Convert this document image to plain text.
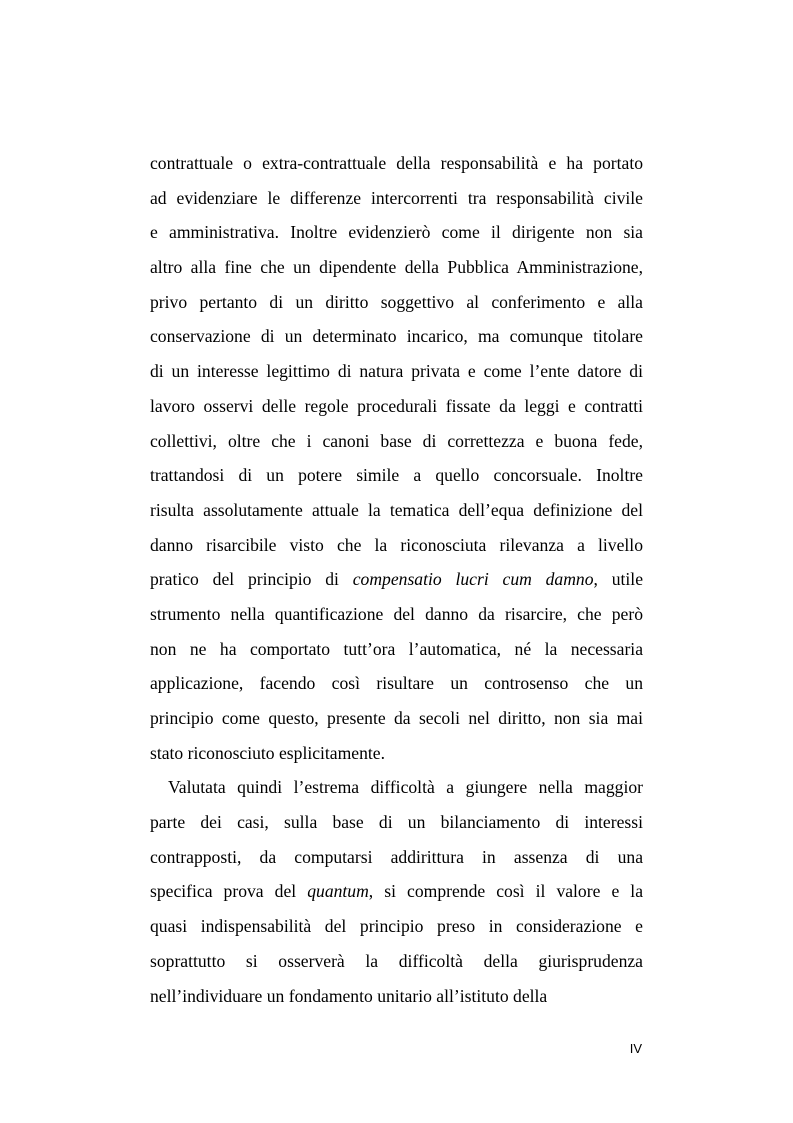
contrattuale o extra-contrattuale della responsabilità e ha portato
ad evidenziare le differenze intercorrenti tra responsabilità civile
e amministrativa. Inoltre evidenzierò come il dirigente non sia
altro alla fine che un dipendente della Pubblica Amministrazione,
privo pertanto di un diritto soggettivo al conferimento e alla
conservazione di un determinato incarico, ma comunque titolare
di un interesse legittimo di natura privata e come l’ente datore di
lavoro osservi delle regole procedurali fissate da leggi e contratti
collettivi, oltre che i canoni base di correttezza e buona fede,
trattandosi di un potere simile a quello concorsuale. Inoltre
risulta assolutamente attuale la tematica dell’equa definizione del
danno risarcibile visto che la riconosciuta rilevanza a livello
pratico del principio di compensatio lucri cum damno, utile
strumento nella quantificazione del danno da risarcire, che però
non ne ha comportato tutt’ora l’automatica, né la necessaria
applicazione, facendo così risultare un controsenso che un
principio come questo, presente da secoli nel diritto, non sia mai
stato riconosciuto esplicitamente.
Valutata quindi l’estrema difficoltà a giungere nella maggior
parte dei casi, sulla base di un bilanciamento di interessi
contrapposti, da computarsi addirittura in assenza di una
specifica prova del quantum, si comprende così il valore e la
quasi indispensabilità del principio preso in considerazione e
soprattutto si osserverà la difficoltà della giurisprudenza
nell’individuare un fondamento unitario all’istituto della
IV
